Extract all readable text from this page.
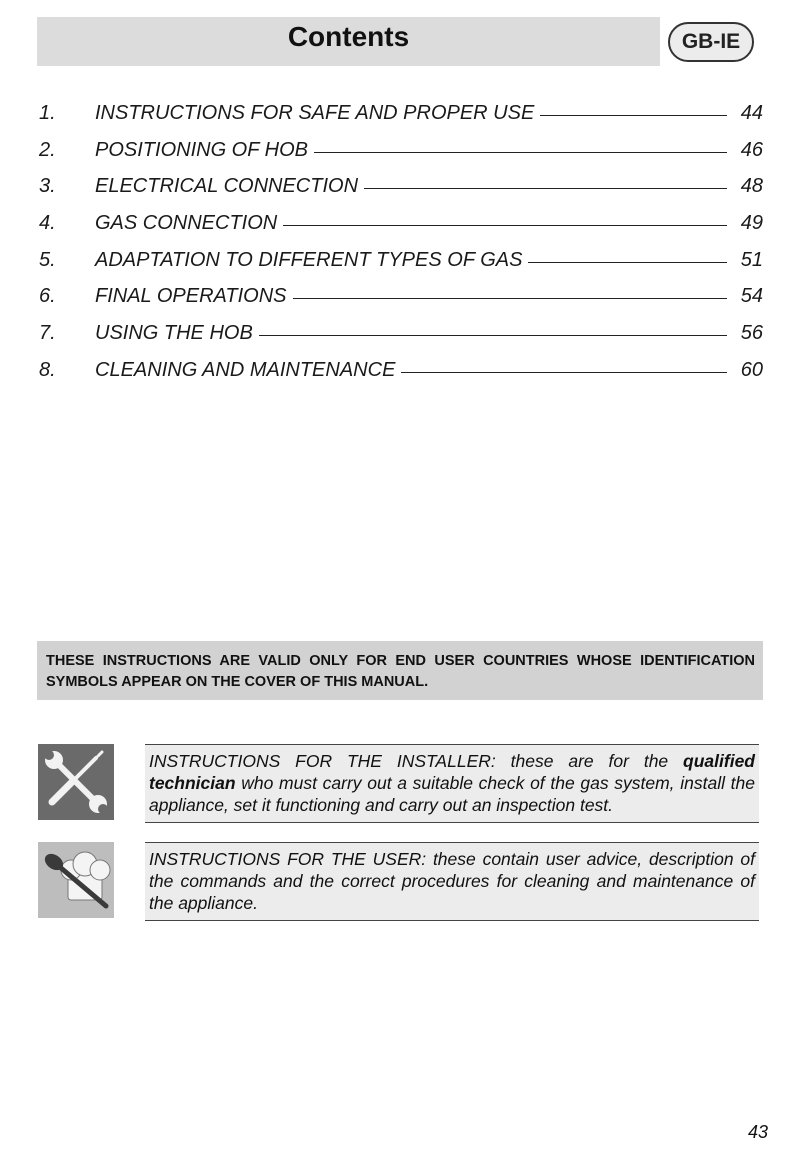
Contents	GB-IE
1. INSTRUCTIONS FOR SAFE AND PROPER USE	44
2. POSITIONING OF HOB	46
3. ELECTRICAL CONNECTION	48
4. GAS CONNECTION	49
5. ADAPTATION TO DIFFERENT TYPES OF GAS	51
6. FINAL OPERATIONS	54
7. USING THE HOB	56
8. CLEANING AND MAINTENANCE	60
THESE INSTRUCTIONS ARE VALID ONLY FOR END USER COUNTRIES WHOSE IDENTIFICATION SYMBOLS APPEAR ON THE COVER OF THIS MANUAL.
INSTRUCTIONS FOR THE INSTALLER: these are for the qualified technician who must carry out a suitable check of the gas system, install the appliance, set it functioning and carry out an inspection test.
INSTRUCTIONS FOR THE USER: these contain user advice, description of the commands and the correct procedures for cleaning and maintenance of the appliance.
43
